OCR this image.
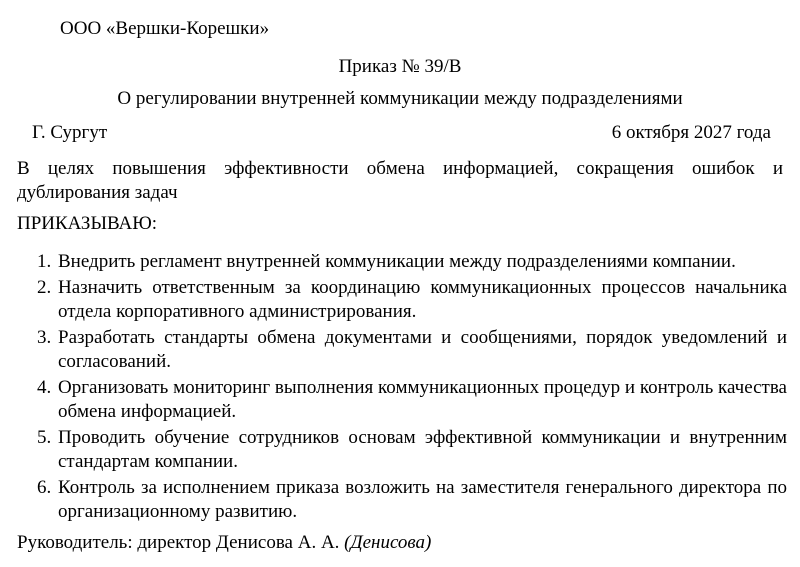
ООО «Вершки-Корешки»
Приказ № 39/В
О регулировании внутренней коммуникации между подразделениями
Г. Сургут	6 октября 2027 года
В целях повышения эффективности обмена информацией, сокращения ошибок и дублирования задач
ПРИКАЗЫВАЮ:
1. Внедрить регламент внутренней коммуникации между подразделениями компании.
2. Назначить ответственным за координацию коммуникационных процессов начальника отдела корпоративного администрирования.
3. Разработать стандарты обмена документами и сообщениями, порядок уведомлений и согласований.
4. Организовать мониторинг выполнения коммуникационных процедур и контроль качества обмена информацией.
5. Проводить обучение сотрудников основам эффективной коммуникации и внутренним стандартам компании.
6. Контроль за исполнением приказа возложить на заместителя генерального директора по организационному развитию.
Руководитель: директор Денисова А. А. (Денисова)
